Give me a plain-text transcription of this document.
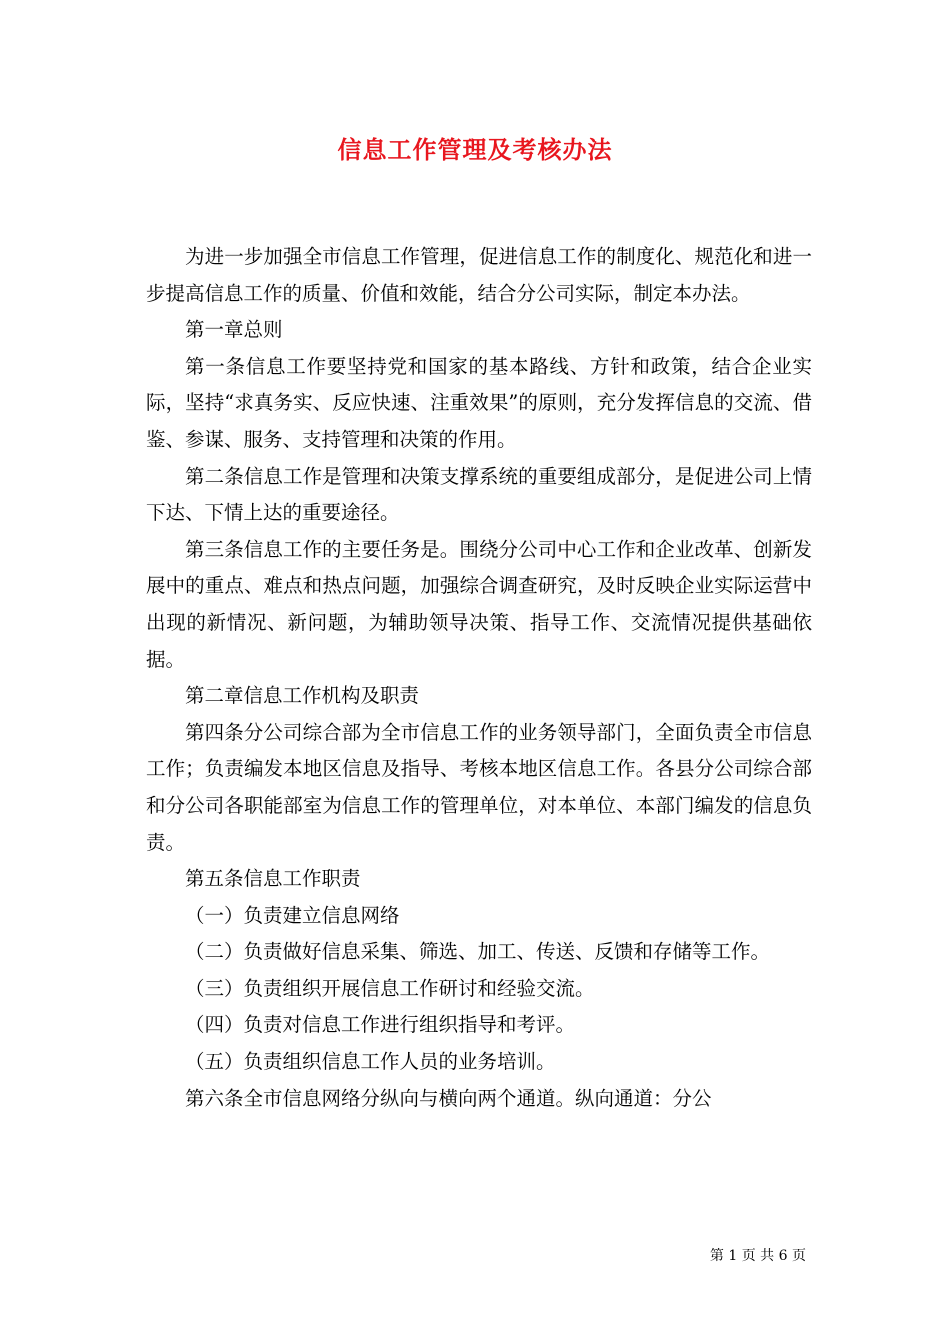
信息工作管理及考核办法

为进一步加强全市信息工作管理，促进信息工作的制度化、规范化和进一步提高信息工作的质量、价值和效能，结合分公司实际，制定本办法。

第一章总则

第一条信息工作要坚持党和国家的基本路线、方针和政策，结合企业实际，坚持“求真务实、反应快速、注重效果”的原则，充分发挥信息的交流、借鉴、参谋、服务、支持管理和决策的作用。

第二条信息工作是管理和决策支撑系统的重要组成部分，是促进公司上情下达、下情上达的重要途径。

第三条信息工作的主要任务是。围绕分公司中心工作和企业改革、创新发展中的重点、难点和热点问题，加强综合调查研究，及时反映企业实际运营中出现的新情况、新问题，为辅助领导决策、指导工作、交流情况提供基础依据。

第二章信息工作机构及职责

第四条分公司综合部为全市信息工作的业务领导部门，全面负责全市信息工作；负责编发本地区信息及指导、考核本地区信息工作。各县分公司综合部和分公司各职能部室为信息工作的管理单位，对本单位、本部门编发的信息负责。

第五条信息工作职责

（一）负责建立信息网络

（二）负责做好信息采集、筛选、加工、传送、反馈和存储等工作。

（三）负责组织开展信息工作研讨和经验交流。

（四）负责对信息工作进行组织指导和考评。

（五）负责组织信息工作人员的业务培训。

第六条全市信息网络分纵向与横向两个通道。纵向通道：分公

第 1 页 共 6 页
